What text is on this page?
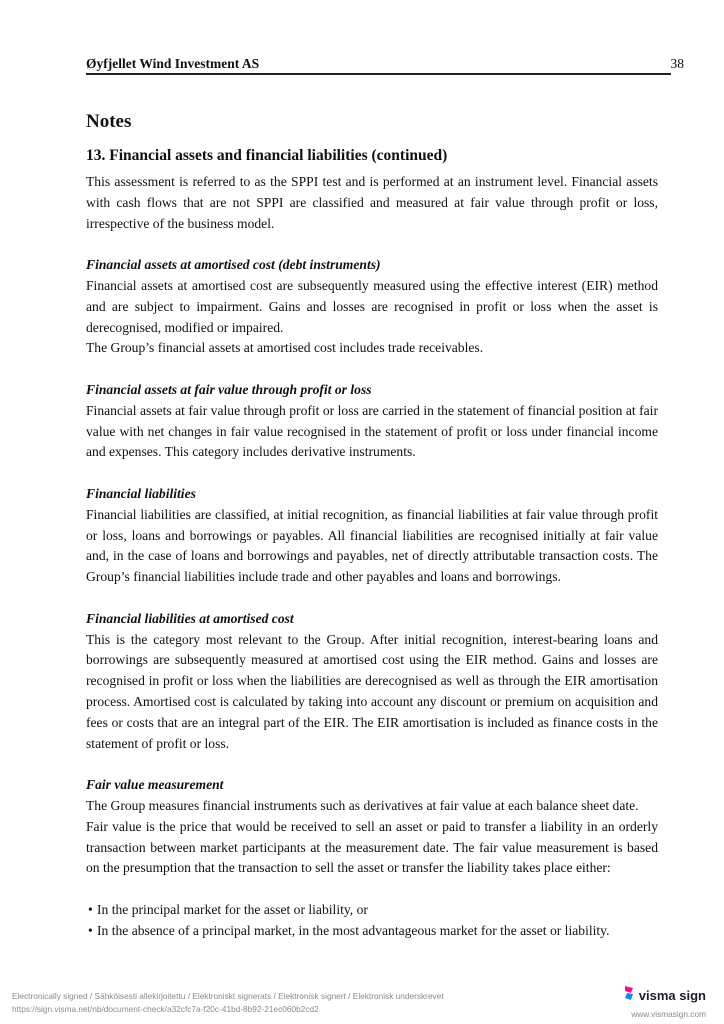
Øyfjellet Wind Investment AS	38
Notes
13. Financial assets and financial liabilities (continued)

This assessment is referred to as the SPPI test and is performed at an instrument level. Financial assets with cash flows that are not SPPI are classified and measured at fair value through profit or loss, irrespective of the business model.

Financial assets at amortised cost (debt instruments)

Financial assets at amortised cost are subsequently measured using the effective interest (EIR) method and are subject to impairment. Gains and losses are recognised in profit or loss when the asset is derecognised, modified or impaired.

The Group’s financial assets at amortised cost includes trade receivables.

Financial assets at fair value through profit or loss

Financial assets at fair value through profit or loss are carried in the statement of financial position at fair value with net changes in fair value recognised in the statement of profit or loss under financial income and expenses. This category includes derivative instruments.

Financial liabilities

Financial liabilities are classified, at initial recognition, as financial liabilities at fair value through profit or loss, loans and borrowings or payables. All financial liabilities are recognised initially at fair value and, in the case of loans and borrowings and payables, net of directly attributable transaction costs. The Group’s financial liabilities include trade and other payables and loans and borrowings.

Financial liabilities at amortised cost

This is the category most relevant to the Group. After initial recognition, interest-bearing loans and borrowings are subsequently measured at amortised cost using the EIR method. Gains and losses are recognised in profit or loss when the liabilities are derecognised as well as through the EIR amortisation process. Amortised cost is calculated by taking into account any discount or premium on acquisition and fees or costs that are an integral part of the EIR. The EIR amortisation is included as finance costs in the statement of profit or loss.

Fair value measurement

The Group measures financial instruments such as derivatives at fair value at each balance sheet date.

Fair value is the price that would be received to sell an asset or paid to transfer a liability in an orderly transaction between market participants at the measurement date. The fair value measurement is based on the presumption that the transaction to sell the asset or transfer the liability takes place either:

• In the principal market for the asset or liability, or
• In the absence of a principal market, in the most advantageous market for the asset or liability.
Electronically signed / Sähköisesti allekirjoitettu / Elektroniskt signerats / Elektronisk signert / Elektronisk underskrevet
https://sign.visma.net/nb/document-check/a32cfc7a-f20c-41bd-8b92-21ec060b2cd2
visma sign
www.vismasign.com
